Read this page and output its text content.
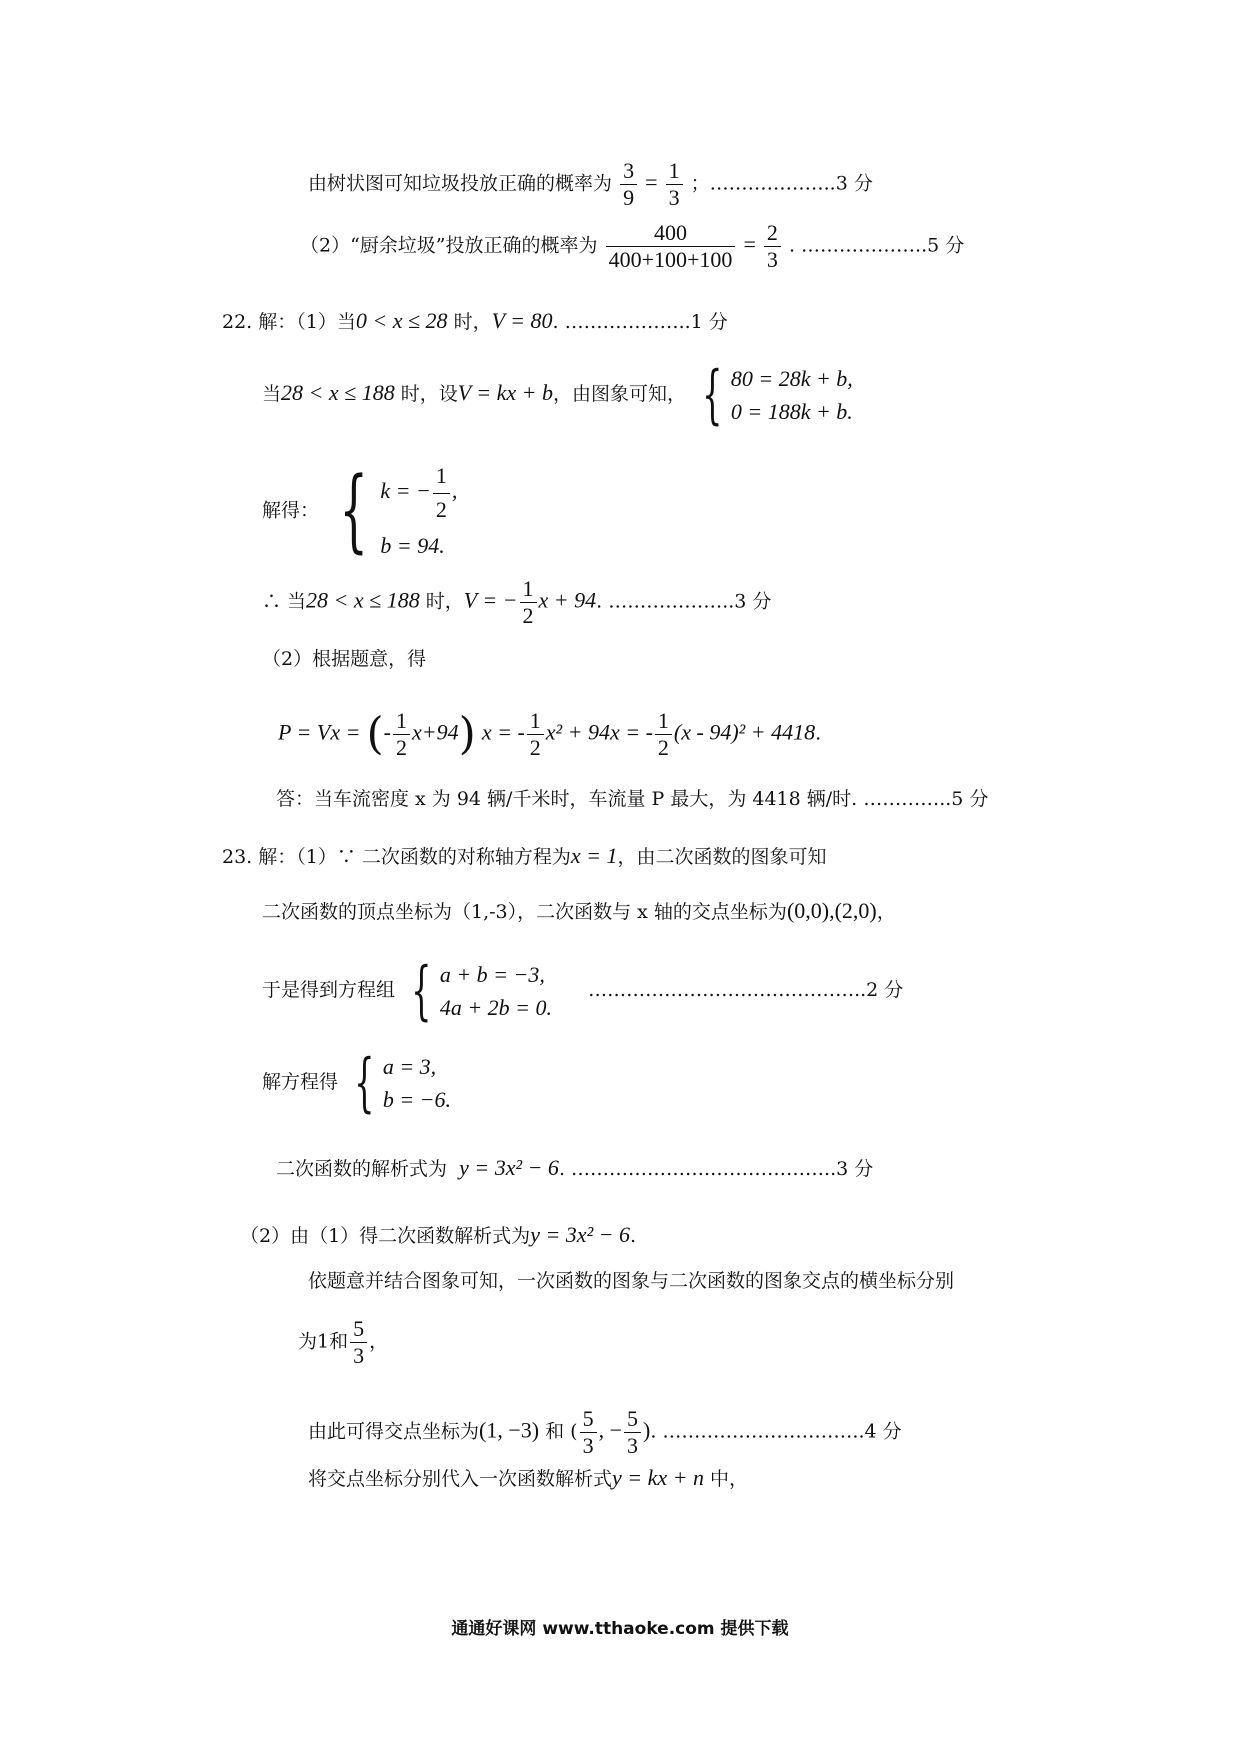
由树状图可知垃圾投放正确的概率为 $\frac{3}{9} = \frac{1}{3}$ ；………………..3 分
（2）“厨余垃圾”投放正确的概率为 $\frac{400}{400+100+100} = \frac{2}{3}$ . ………………..5 分
22. 解：（1）当0 < x ≤ 28 时，V = 80. ………………..1 分
当28 < x ≤ 188 时，设V = kx + b，由图象可知， { 80 = 28k + b,
0 = 188k + b.
解得： { k = − $\frac{1}{2}$ ,
b = 94.
∴ 当28 < x ≤ 188 时，V = − $\frac{1}{2}$ x + 94. ………………..3 分
（2）根据题意，得
P = Vx = (- $\frac{1}{2} x+94$) x = - $\frac{1}{2} x^2 + 94x$ = - $\frac{1}{2} (x - 94)^2 + 4418$.
答：当车流密度 x 为 94 辆/千米时，车流量 P 最大，为 4418 辆/时. …………..5 分
23. 解：（1）∵ 二次函数的对称轴方程为x = 1，由二次函数的图象可知
二次函数的顶点坐标为（1,-3），二次函数与 x 轴的交点坐标为(0,0),(2,0)，
于是得到方程组 { a + b = −3,
4a + 2b = 0.
……………………………………..2 分
解方程得 { a = 3,
b = −6.
二次函数的解析式为 y = 3x² − 6. ………………….………………..3 分
（2）由（1）得二次函数解析式为y = 3x² − 6.
依题意并结合图象可知，一次函数的图象与二次函数的图象交点的横坐标分别
为1和 $\frac{5}{3}$ ，
由此可得交点坐标为(1, −3) 和 ( $\frac{5}{3}$ , − $\frac{5}{3}$ ). …………………………..4 分
将交点坐标分别代入一次函数解析式y = kx + n 中，
通通好课网 www.tthaoke.com 提供下载
